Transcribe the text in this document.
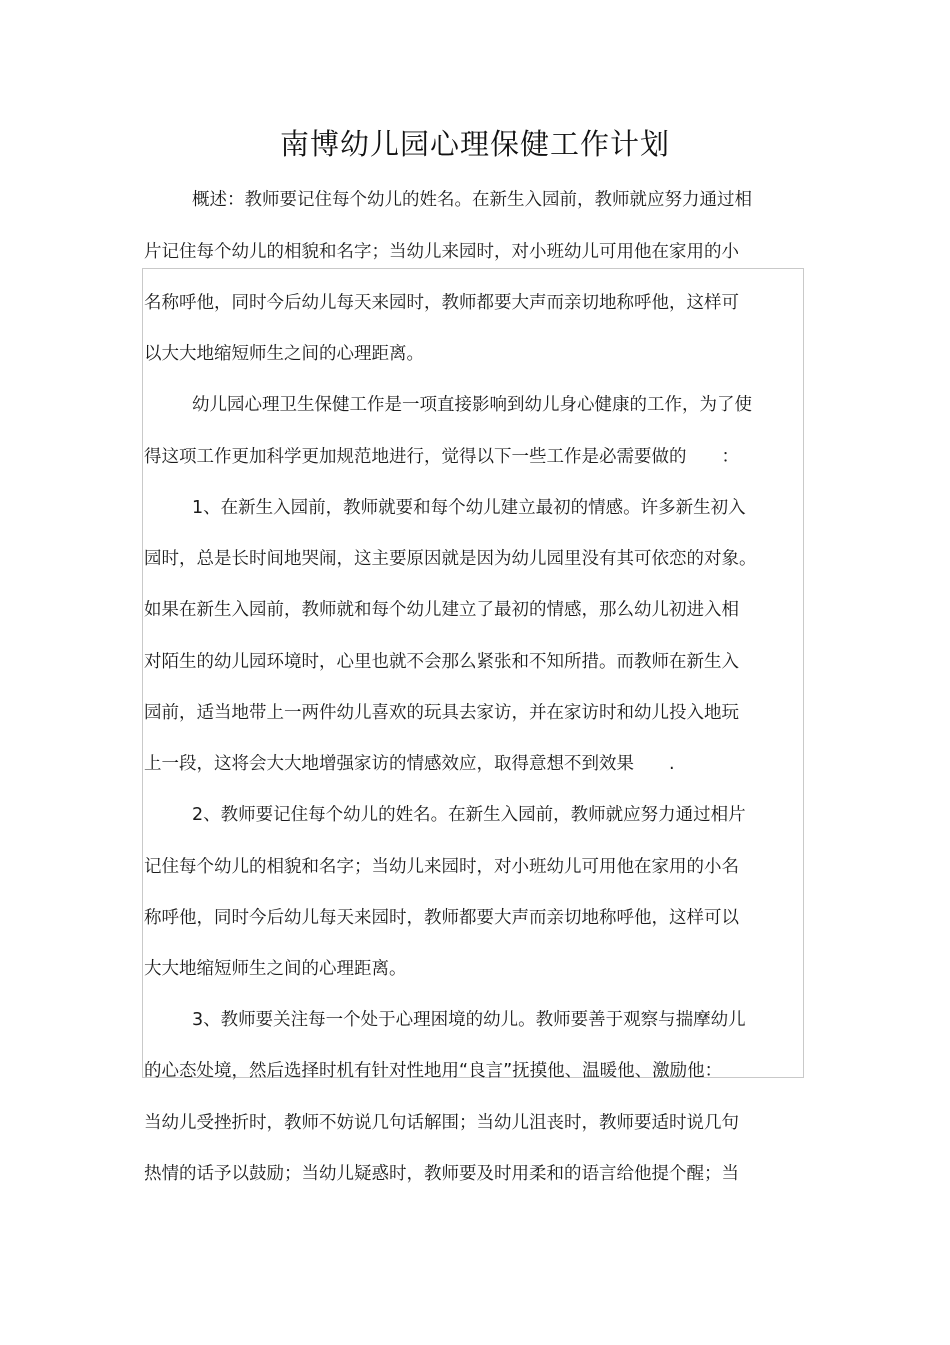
南博幼儿园心理保健工作计划

概述：教师要记住每个幼儿的姓名。在新生入园前，教师就应努力通过相

片记住每个幼儿的相貌和名字；当幼儿来园时，对小班幼儿可用他在家用的小

名称呼他，同时今后幼儿每天来园时，教师都要大声而亲切地称呼他，这样可

以大大地缩短师生之间的心理距离。

幼儿园心理卫生保健工作是一项直接影响到幼儿身心健康的工作，为了使

得这项工作更加科学更加规范地进行，觉得以下一些工作是必需要做的　　：

1、在新生入园前，教师就要和每个幼儿建立最初的情感。许多新生初入

园时，总是长时间地哭闹，这主要原因就是因为幼儿园里没有其可依恋的对象。

如果在新生入园前，教师就和每个幼儿建立了最初的情感，那么幼儿初进入相

对陌生的幼儿园环境时，心里也就不会那么紧张和不知所措。而教师在新生入

园前，适当地带上一两件幼儿喜欢的玩具去家访，并在家访时和幼儿投入地玩

上一段，这将会大大地增强家访的情感效应，取得意想不到效果　　.

2、教师要记住每个幼儿的姓名。在新生入园前，教师就应努力通过相片

记住每个幼儿的相貌和名字；当幼儿来园时，对小班幼儿可用他在家用的小名

称呼他，同时今后幼儿每天来园时，教师都要大声而亲切地称呼他，这样可以

大大地缩短师生之间的心理距离。

3、教师要关注每一个处于心理困境的幼儿。教师要善于观察与揣摩幼儿

的心态处境，然后选择时机有针对性地用“良言”抚摸他、温暖他、激励他：

当幼儿受挫折时，教师不妨说几句话解围；当幼儿沮丧时，教师要适时说几句

热情的话予以鼓励；当幼儿疑惑时，教师要及时用柔和的语言给他提个醒；当
